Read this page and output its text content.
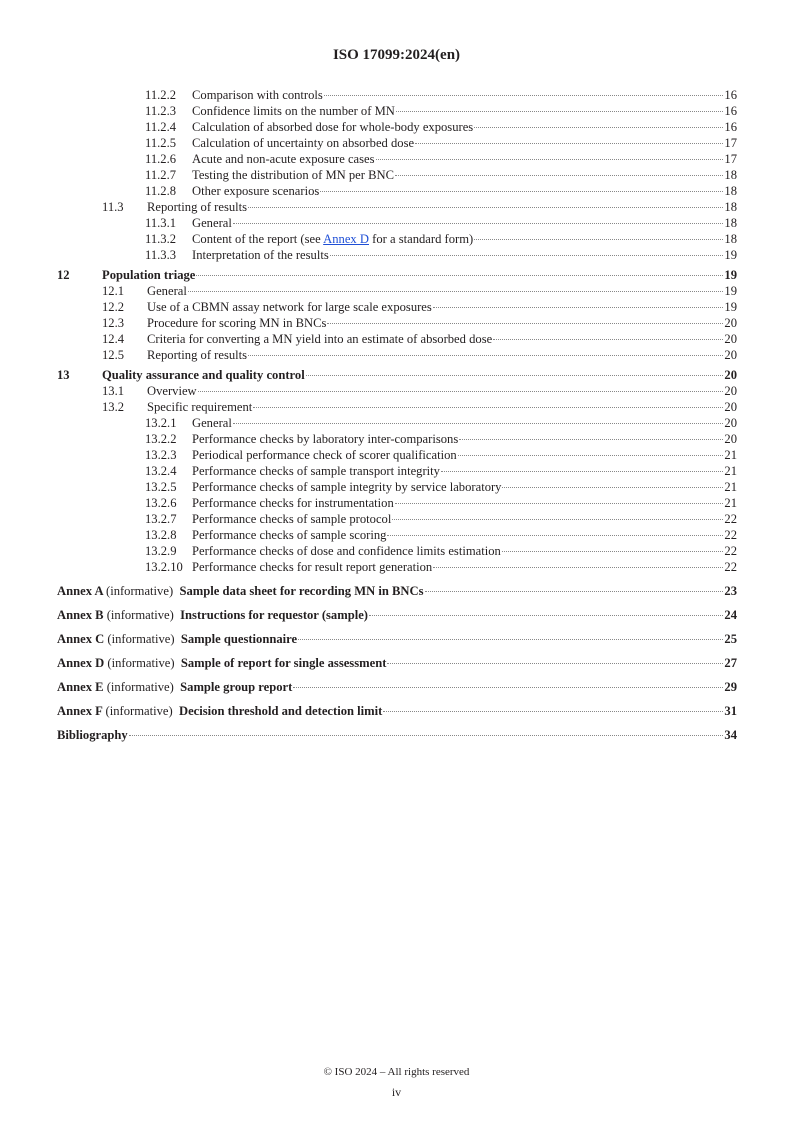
ISO 17099:2024(en)
11.2.2	Comparison with controls	16
11.2.3	Confidence limits on the number of MN	16
11.2.4	Calculation of absorbed dose for whole-body exposures	16
11.2.5	Calculation of uncertainty on absorbed dose	17
11.2.6	Acute and non-acute exposure cases	17
11.2.7	Testing the distribution of MN per BNC	18
11.2.8	Other exposure scenarios	18
11.3	Reporting of results	18
11.3.1	General	18
11.3.2	Content of the report (see Annex D for a standard form)	18
11.3.3	Interpretation of the results	19
12	Population triage	19
12.1	General	19
12.2	Use of a CBMN assay network for large scale exposures	19
12.3	Procedure for scoring MN in BNCs	20
12.4	Criteria for converting a MN yield into an estimate of absorbed dose	20
12.5	Reporting of results	20
13	Quality assurance and quality control	20
13.1	Overview	20
13.2	Specific requirement	20
13.2.1	General	20
13.2.2	Performance checks by laboratory inter-comparisons	20
13.2.3	Periodical performance check of scorer qualification	21
13.2.4	Performance checks of sample transport integrity	21
13.2.5	Performance checks of sample integrity by service laboratory	21
13.2.6	Performance checks for instrumentation	21
13.2.7	Performance checks of sample protocol	22
13.2.8	Performance checks of sample scoring	22
13.2.9	Performance checks of dose and confidence limits estimation	22
13.2.10 Performance checks for result report generation	22
Annex A (informative) Sample data sheet for recording MN in BNCs	23
Annex B (informative) Instructions for requestor (sample)	24
Annex C (informative) Sample questionnaire	25
Annex D (informative) Sample of report for single assessment	27
Annex E (informative) Sample group report	29
Annex F (informative) Decision threshold and detection limit	31
Bibliography	34
© ISO 2024 – All rights reserved
iv
